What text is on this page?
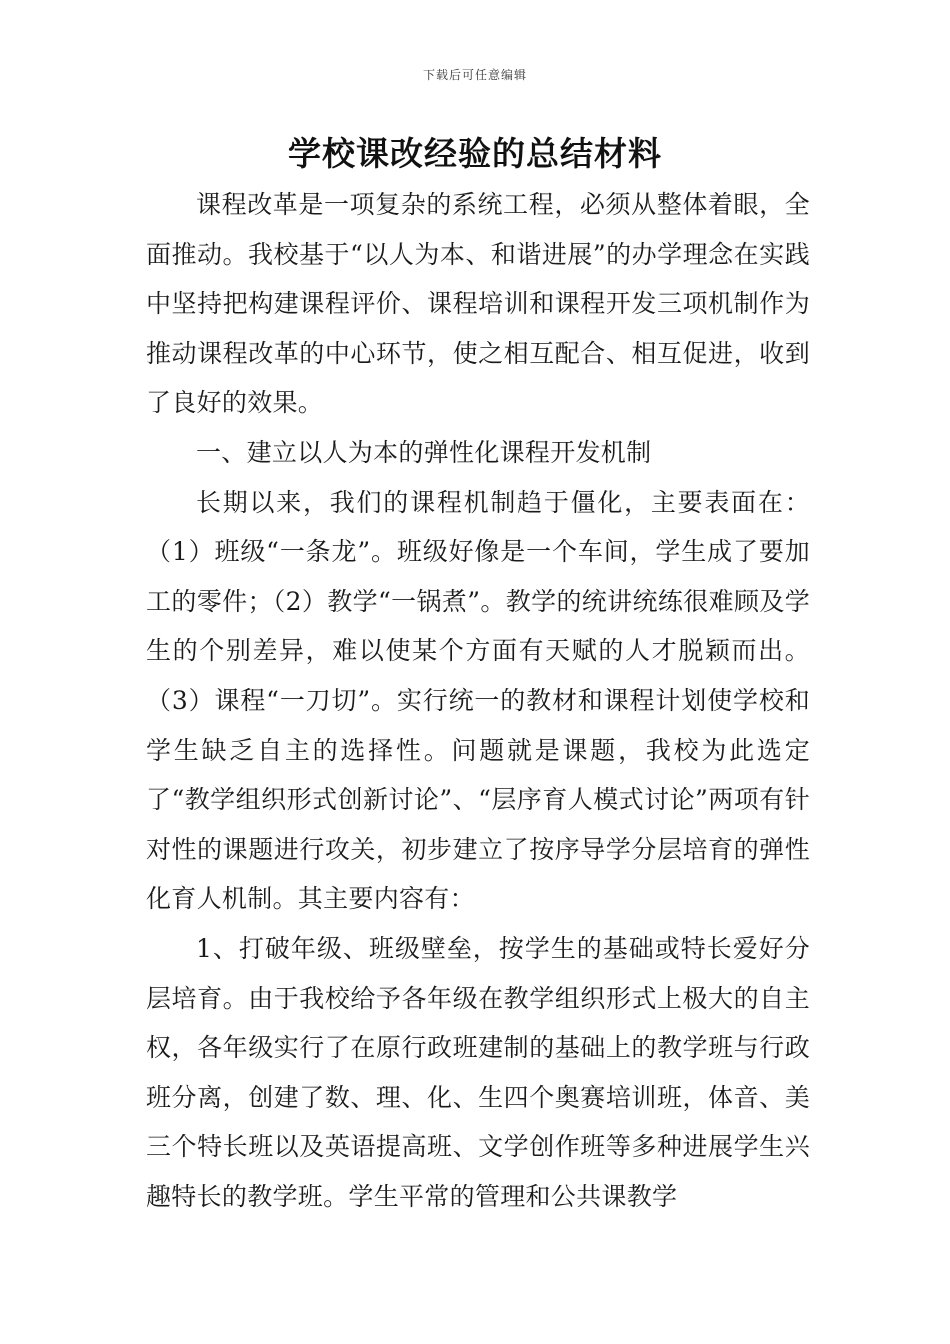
下载后可任意编辑
学校课改经验的总结材料

课程改革是一项复杂的系统工程，必须从整体着眼，全面推动。我校基于“以人为本、和谐进展”的办学理念在实践中坚持把构建课程评价、课程培训和课程开发三项机制作为推动课程改革的中心环节，使之相互配合、相互促进，收到了良好的效果。

一、建立以人为本的弹性化课程开发机制

长期以来，我们的课程机制趋于僵化，主要表面在：（1）班级“一条龙”。班级好像是一个车间，学生成了要加工的零件；（2）教学“一锅煮”。教学的统讲统练很难顾及学生的个别差异，难以使某个方面有天赋的人才脱颖而出。（3）课程“一刀切”。实行统一的教材和课程计划使学校和学生缺乏自主的选择性。问题就是课题，我校为此选定了“教学组织形式创新讨论”、“层序育人模式讨论”两项有针对性的课题进行攻关，初步建立了按序导学分层培育的弹性化育人机制。其主要内容有：

1、打破年级、班级壁垒，按学生的基础或特长爱好分层培育。由于我校给予各年级在教学组织形式上极大的自主权，各年级实行了在原行政班建制的基础上的教学班与行政班分离，创建了数、理、化、生四个奥赛培训班，体音、美三个特长班以及英语提高班、文学创作班等多种进展学生兴趣特长的教学班。学生平常的管理和公共课教学
